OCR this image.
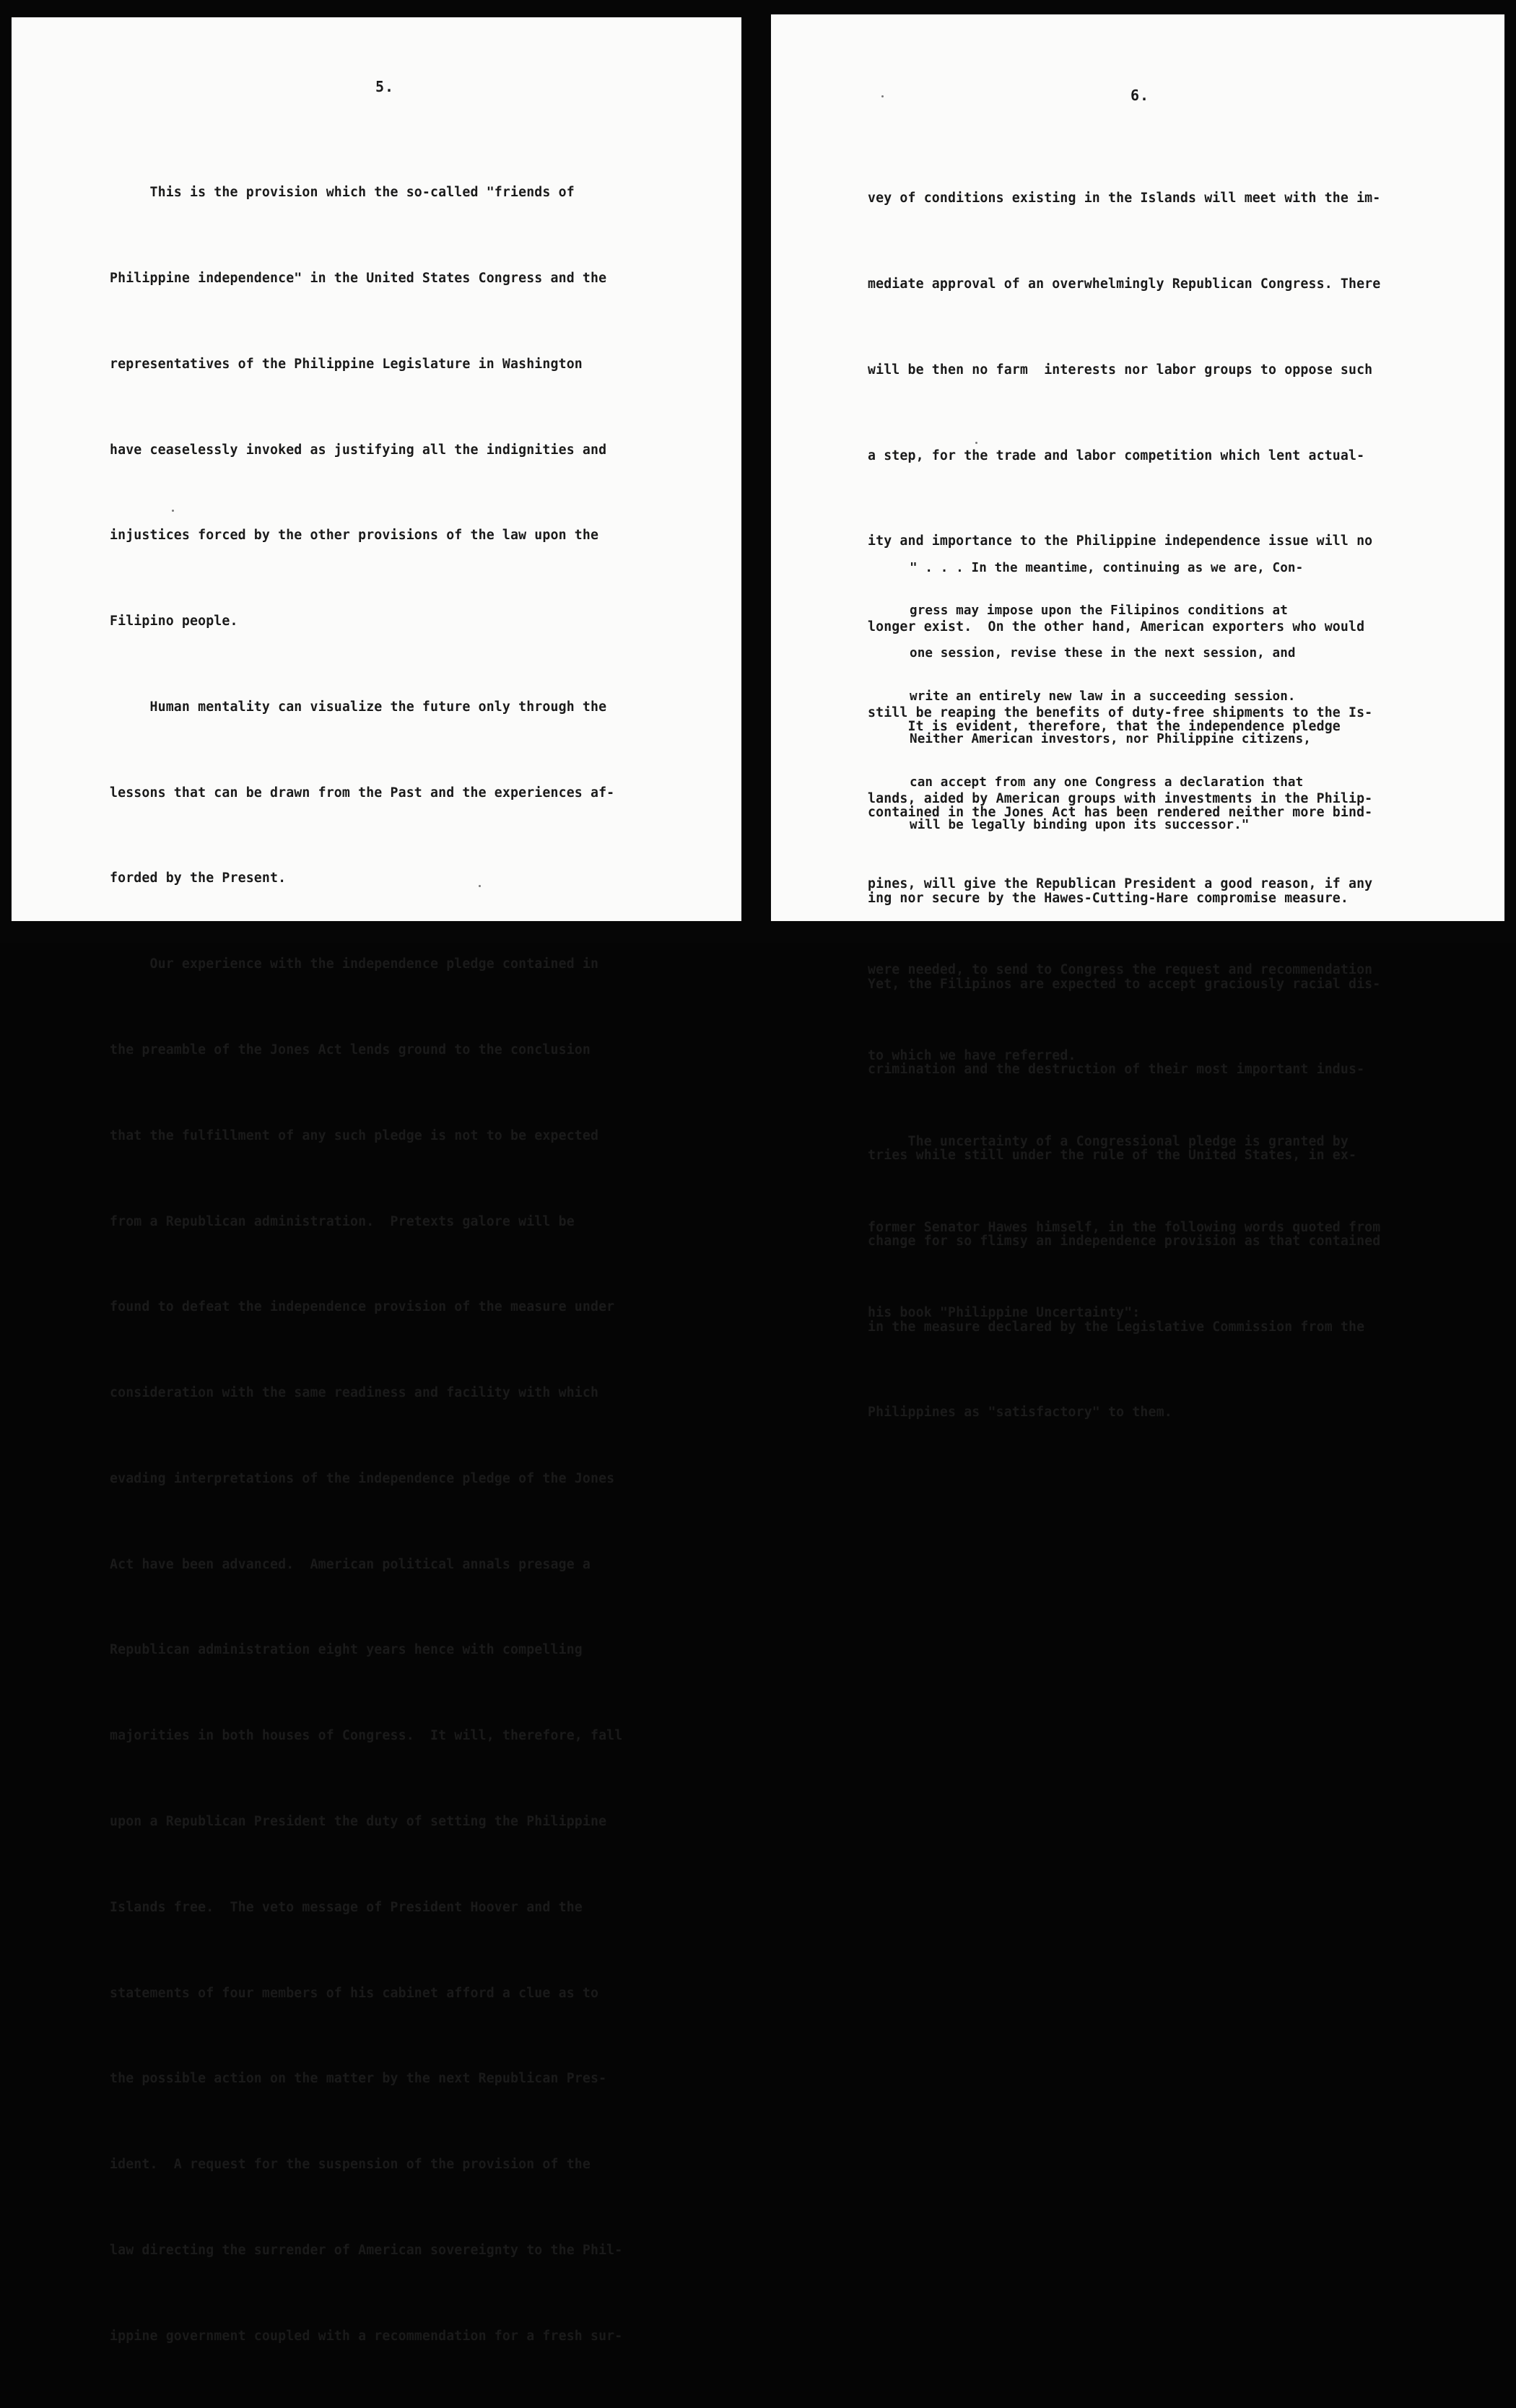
5.

This is the provision which the so-called "friends of

Philippine independence" in the United States Congress and the

representatives of the Philippine Legislature in Washington

have ceaselessly invoked as justifying all the indignities and

injustices forced by the other provisions of the law upon the

Filipino people.

Human mentality can visualize the future only through the

lessons that can be drawn from the Past and the experiences af-

forded by the Present.

Our experience with the independence pledge contained in

the preamble of the Jones Act lends ground to the conclusion

that the fulfillment of any such pledge is not to be expected

from a Republican administration.  Pretexts galore will be

found to defeat the independence provision of the measure under

consideration with the same readiness and facility with which

evading interpretations of the independence pledge of the Jones

Act have been advanced.  American political annals presage a

Republican administration eight years hence with compelling

majorities in both houses of Congress.  It will, therefore, fall

upon a Republican President the duty of setting the Philippine

Islands free.  The veto message of President Hoover and the

statements of four members of his cabinet afford a clue as to

the possible action on the matter by the next Republican Pres-

ident.  A request for the suspension of the provision of the

law directing the surrender of American sovereignty to the Phil-

ippine government coupled with a recommendation for a fresh sur-

6.

vey of conditions existing in the Islands will meet with the im-

mediate approval of an overwhelmingly Republican Congress. There

will be then no farm  interests nor labor groups to oppose such

a step, for the trade and labor competition which lent actual-

ity and importance to the Philippine independence issue will no

longer exist.  On the other hand, American exporters who would

still be reaping the benefits of duty-free shipments to the Is-

lands, aided by American groups with investments in the Philip-

pines, will give the Republican President a good reason, if any

were needed, to send to Congress the request and recommendation

to which we have referred.

The uncertainty of a Congressional pledge is granted by

former Senator Hawes himself, in the following words quoted from

his book "Philippine Uncertainty":

" . . . In the meantime, continuing as we are, Con-

gress may impose upon the Filipinos conditions at

one session, revise these in the next session, and

write an entirely new law in a succeeding session.

Neither American investors, nor Philippine citizens,

can accept from any one Congress a declaration that

will be legally binding upon its successor."

It is evident, therefore, that the independence pledge

contained in the Jones Act has been rendered neither more bind-

ing nor secure by the Hawes-Cutting-Hare compromise measure.

Yet, the Filipinos are expected to accept graciously racial dis-

crimination and the destruction of their most important indus-

tries while still under the rule of the United States, in ex-

change for so flimsy an independence provision as that contained

in the measure declared by the Legislative Commission from the

Philippines as "satisfactory" to them.
